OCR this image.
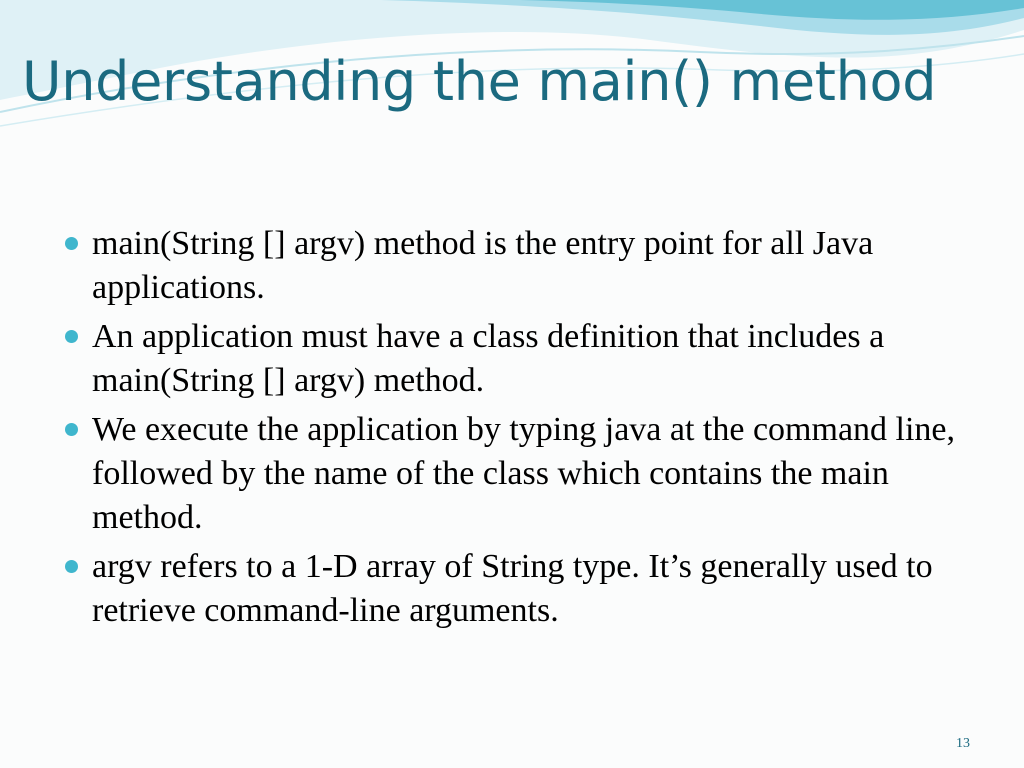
Understanding the main() method
main(String [] argv) method is the entry point for all Java applications.
An application must have a class definition that includes a main(String [] argv) method.
We execute the application by typing java at the command line, followed by the name of the class which contains the main method.
argv refers to a 1-D array of String type. It’s generally used to retrieve command-line arguments.
13
